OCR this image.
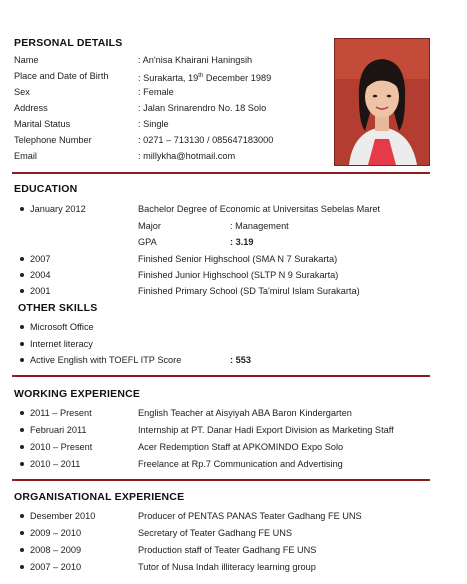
PERSONAL DETAILS
Name	: An'nisa Khairani Haningsih
Place and Date of Birth	: Surakarta, 19th December 1989
Sex	: Female
Address	: Jalan Srinarendro No. 18 Solo
Marital Status	: Single
Telephone Number	: 0271 – 713130 / 085647183000
Email	: millykha@hotmail.com
EDUCATION
January 2012	Bachelor Degree of Economic at Universitas Sebelas Maret
Major	: Management
GPA	: 3.19
2007	Finished Senior Highschool (SMA N 7 Surakarta)
2004	Finished Junior Highschool (SLTP N 9 Surakarta)
2001	Finished Primary School (SD Ta'mirul Islam Surakarta)
OTHER SKILLS
Microsoft Office
Internet literacy
Active English with TOEFL ITP Score	: 553
WORKING EXPERIENCE
2011 – Present	English Teacher at Aisyiyah ABA Baron Kindergarten
Februari 2011	Internship at PT. Danar Hadi Export Division as Marketing Staff
2010 – Present	Acer Redemption Staff at APKOMINDO Expo Solo
2010 – 2011	Freelance at Rp.7 Communication and Advertising
ORGANISATIONAL EXPERIENCE
Desember 2010	Producer of PENTAS PANAS Teater Gadhang FE UNS
2009 – 2010	Secretary of Teater Gadhang FE UNS
2008 – 2009	Production staff of Teater Gadhang FE UNS
2007 – 2010	Tutor of Nusa Indah illiteracy learning group
